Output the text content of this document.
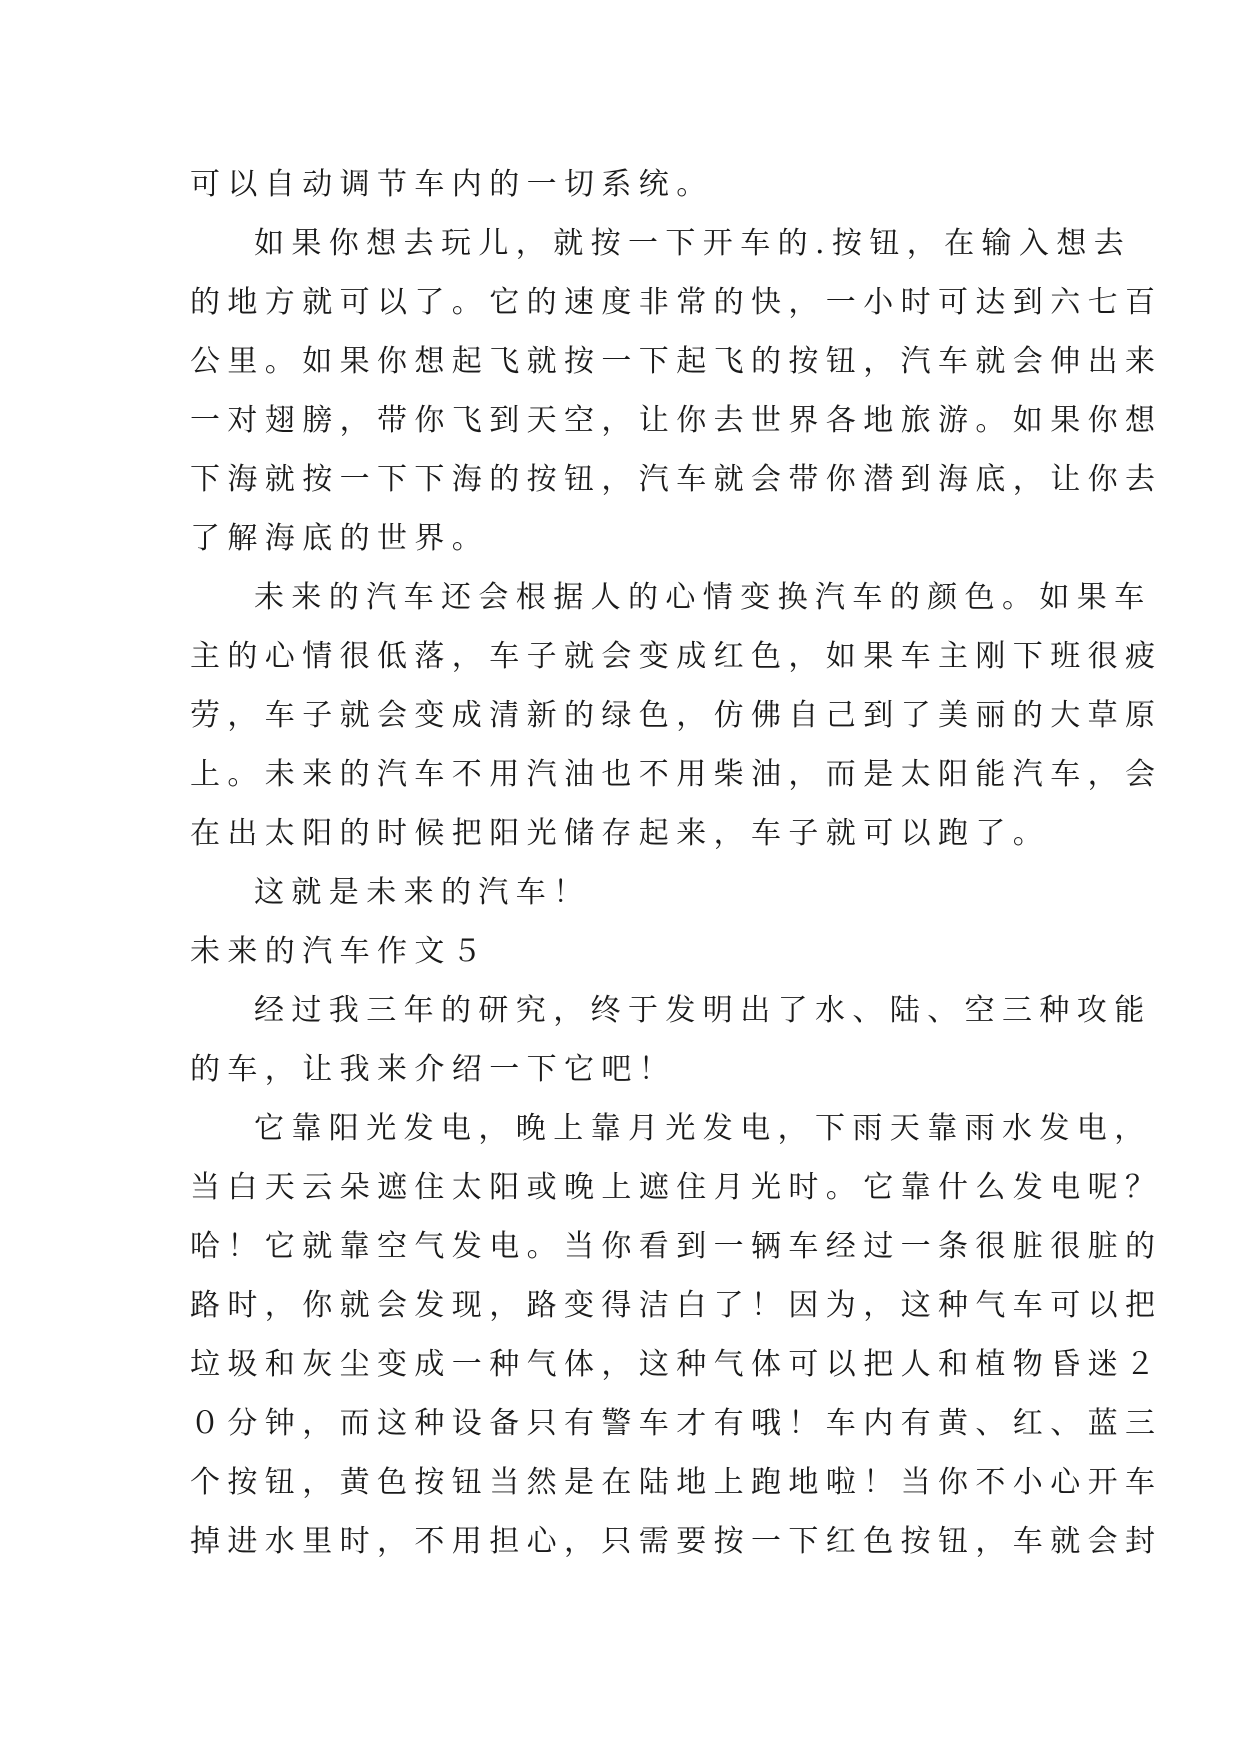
可以自动调节车内的一切系统。
如果你想去玩儿，就按一下开车的.按钮，在输入想去
的地方就可以了。它的速度非常的快，一小时可达到六七百
公里。如果你想起飞就按一下起飞的按钮，汽车就会伸出来
一对翅膀，带你飞到天空，让你去世界各地旅游。如果你想
下海就按一下下海的按钮，汽车就会带你潜到海底，让你去
了解海底的世界。
未来的汽车还会根据人的心情变换汽车的颜色。如果车
主的心情很低落，车子就会变成红色，如果车主刚下班很疲
劳，车子就会变成清新的绿色，仿佛自己到了美丽的大草原
上。未来的汽车不用汽油也不用柴油，而是太阳能汽车，会
在出太阳的时候把阳光储存起来，车子就可以跑了。
这就是未来的汽车！
未来的汽车作文５
经过我三年的研究，终于发明出了水、陆、空三种攻能
的车，让我来介绍一下它吧！
它靠阳光发电，晚上靠月光发电，下雨天靠雨水发电，
当白天云朵遮住太阳或晚上遮住月光时。它靠什么发电呢？
哈！它就靠空气发电。当你看到一辆车经过一条很脏很脏的
路时，你就会发现，路变得洁白了！因为，这种气车可以把
垃圾和灰尘变成一种气体，这种气体可以把人和植物昏迷２
０分钟，而这种设备只有警车才有哦！车内有黄、红、蓝三
个按钮，黄色按钮当然是在陆地上跑地啦！当你不小心开车
掉进水里时，不用担心，只需要按一下红色按钮，车就会封
